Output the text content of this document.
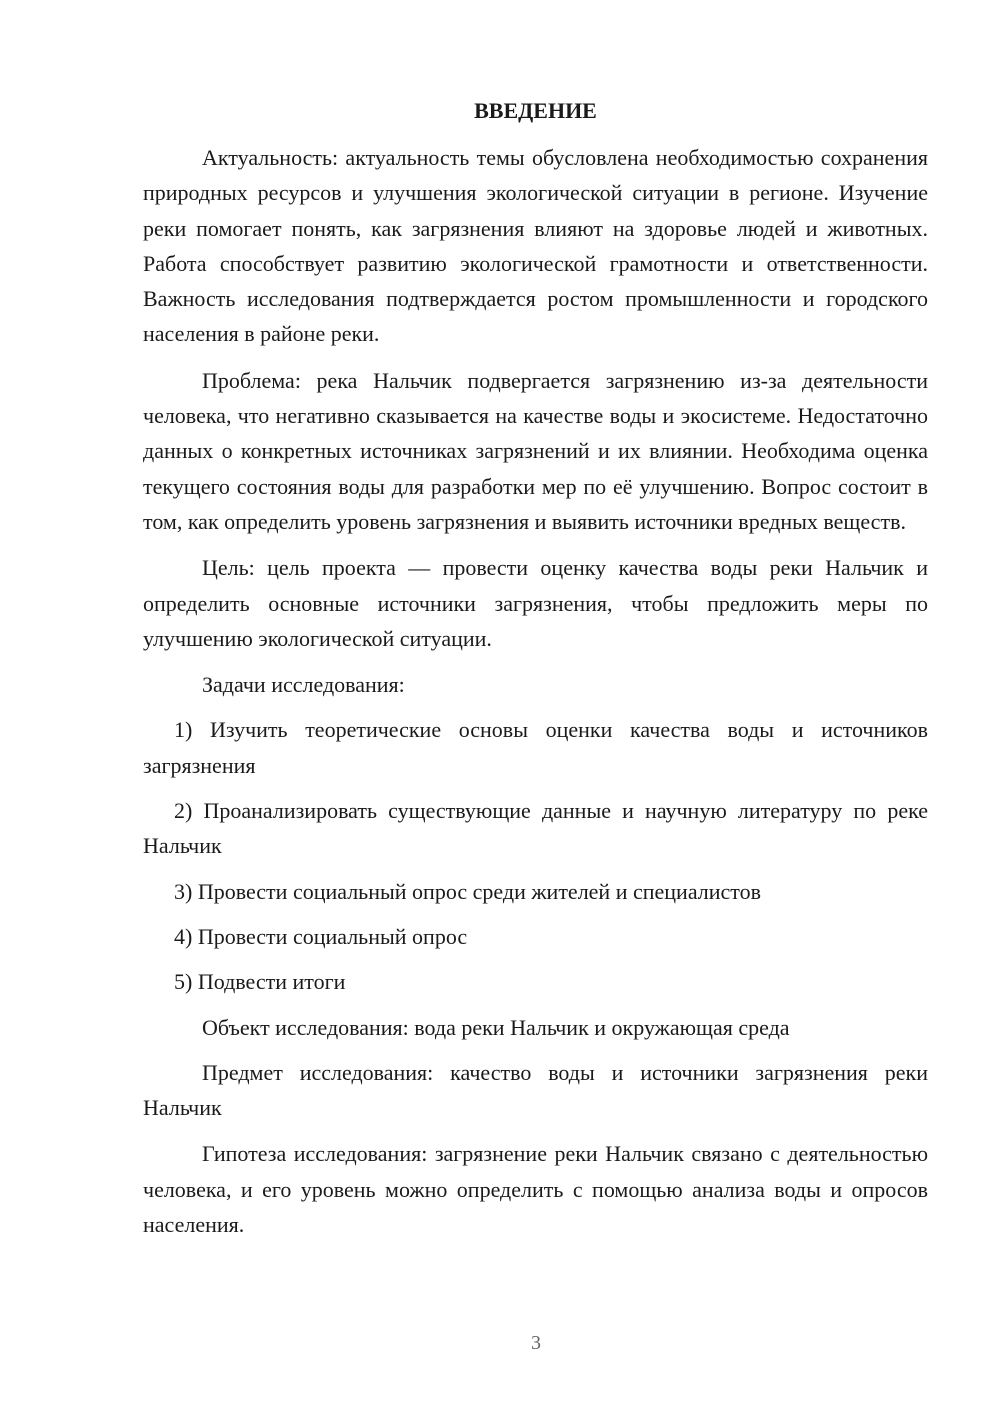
ВВЕДЕНИЕ

Актуальность: актуальность темы обусловлена необходимостью сохранения природных ресурсов и улучшения экологической ситуации в регионе. Изучение реки помогает понять, как загрязнения влияют на здоровье людей и животных. Работа способствует развитию экологической грамотности и ответственности. Важность исследования подтверждается ростом промышленности и городского населения в районе реки.

Проблема: река Нальчик подвергается загрязнению из-за деятельности человека, что негативно сказывается на качестве воды и экосистеме. Недостаточно данных о конкретных источниках загрязнений и их влиянии. Необходима оценка текущего состояния воды для разработки мер по её улучшению. Вопрос состоит в том, как определить уровень загрязнения и выявить источники вредных веществ.

Цель: цель проекта — провести оценку качества воды реки Нальчик и определить основные источники загрязнения, чтобы предложить меры по улучшению экологической ситуации.

Задачи исследования:

1) Изучить теоретические основы оценки качества воды и источников загрязнения

2) Проанализировать существующие данные и научную литературу по реке Нальчик

3) Провести социальный опрос среди жителей и специалистов

4) Провести социальный опрос

5) Подвести итоги

Объект исследования: вода реки Нальчик и окружающая среда

Предмет исследования: качество воды и источники загрязнения реки Нальчик

Гипотеза исследования: загрязнение реки Нальчик связано с деятельностью человека, и его уровень можно определить с помощью анализа воды и опросов населения.

3
